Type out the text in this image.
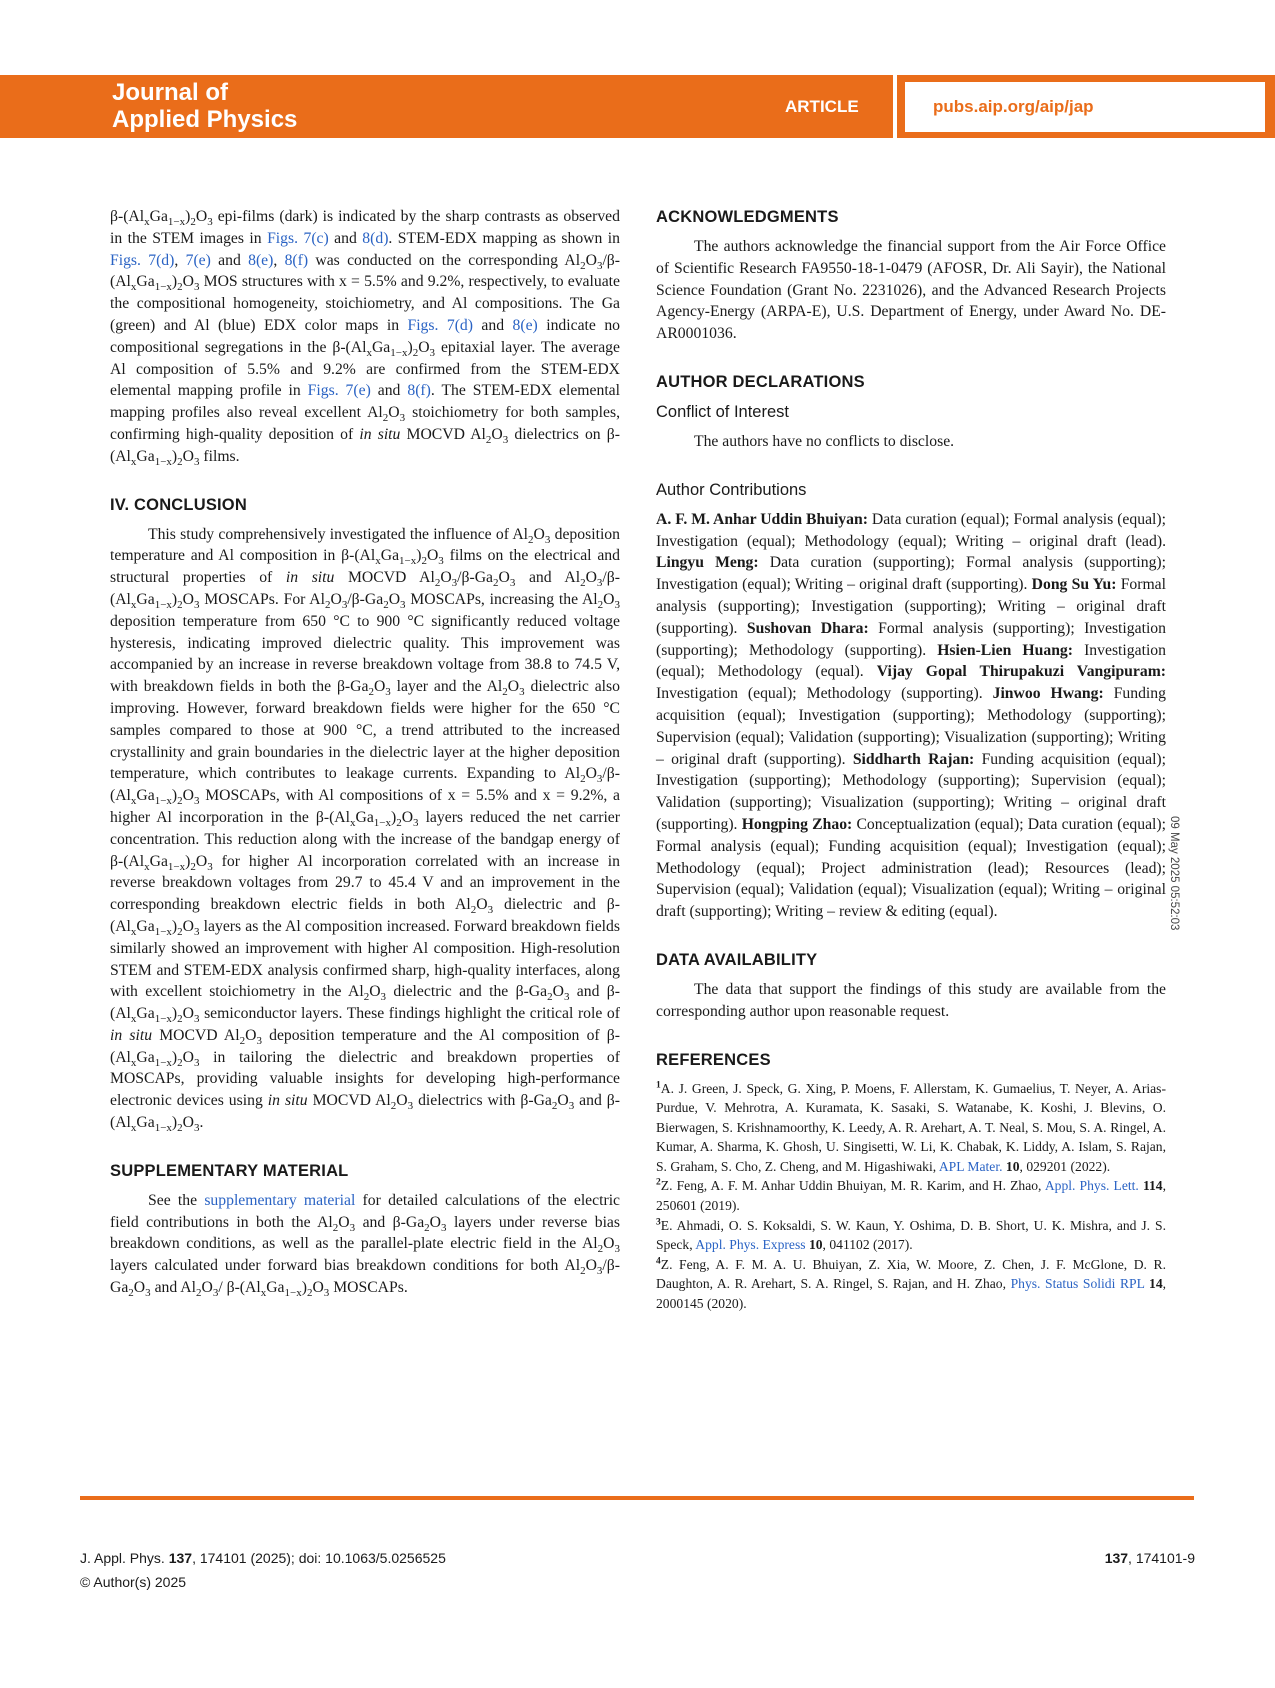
Journal of
Applied Physics	ARTICLE	pubs.aip.org/aip/jap

$\beta-(Al_xGa_{1-x})_2O_3$ epi-films (dark) is indicated by the sharp contrasts as observed in the STEM images in Figs. 7(c) and 8(d). STEM-EDX mapping as shown in Figs. 7(d), 7(e) and 8(e), 8(f) was conducted on the corresponding $Al_2O_3/\beta-(Al_xGa_{1-x})_2O_3$ MOS structures with x = 5.5% and 9.2%, respectively, to evaluate the compositional homogeneity, stoichiometry, and Al compositions. The Ga (green) and Al (blue) EDX color maps in Figs. 7(d) and 8(e) indicate no compositional segregations in the $\beta-(Al_xGa_{1-x})_2O_3$ epitaxial layer. The average Al composition of 5.5% and 9.2% are confirmed from the STEM-EDX elemental mapping profile in Figs. 7(e) and 8(f). The STEM-EDX elemental mapping profiles also reveal excellent $Al_2O_3$ stoichiometry for both samples, confirming high-quality deposition of in situ MOCVD $Al_2O_3$ dielectrics on $\beta-(Al_xGa_{1-x})_2O_3$ films.

IV. CONCLUSION

This study comprehensively investigated the influence of $Al_2O_3$ deposition temperature and Al composition in $\beta-(Al_xGa_{1-x})_2O_3$ films on the electrical and structural properties of in situ MOCVD $Al_2O_3/\beta-Ga_2O_3$ and $Al_2O_3/\beta-(Al_xGa_{1-x})_2O_3$ MOSCAPs. For $Al_2O_3/\beta-Ga_2O_3$ MOSCAPs, increasing the $Al_2O_3$ deposition temperature from 650 °C to 900 °C significantly reduced voltage hysteresis, indicating improved dielectric quality. This improvement was accompanied by an increase in reverse breakdown voltage from 38.8 to 74.5 V, with breakdown fields in both the $\beta-Ga_2O_3$ layer and the $Al_2O_3$ dielectric also improving. However, forward breakdown fields were higher for the 650 °C samples compared to those at 900 °C, a trend attributed to the increased crystallinity and grain boundaries in the dielectric layer at the higher deposition temperature, which contributes to leakage currents. Expanding to $Al_2O_3/\beta-(Al_xGa_{1-x})_2O_3$ MOSCAPs, with Al compositions of x = 5.5% and x = 9.2%, a higher Al incorporation in the $\beta-(Al_xGa_{1-x})_2O_3$ layers reduced the net carrier concentration. This reduction along with the increase of the bandgap energy of $\beta-(Al_xGa_{1-x})_2O_3$ for higher Al incorporation correlated with an increase in reverse breakdown voltages from 29.7 to 45.4 V and an improvement in the corresponding breakdown electric fields in both $Al_2O_3$ dielectric and $\beta-(Al_xGa_{1-x})_2O_3$ layers as the Al composition increased. Forward breakdown fields similarly showed an improvement with higher Al composition. High-resolution STEM and STEM-EDX analysis confirmed sharp, high-quality interfaces, along with excellent stoichiometry in the $Al_2O_3$ dielectric and the $\beta-Ga_2O_3$ and $\beta-(Al_xGa_{1-x})_2O_3$ semiconductor layers. These findings highlight the critical role of in situ MOCVD $Al_2O_3$ deposition temperature and the Al composition of $\beta-(Al_xGa_{1-x})_2O_3$ in tailoring the dielectric and breakdown properties of MOSCAPs, providing valuable insights for developing high-performance electronic devices using in situ MOCVD $Al_2O_3$ dielectrics with $\beta-Ga_2O_3$ and $\beta-(Al_xGa_{1-x})_2O_3$.

SUPPLEMENTARY MATERIAL

See the supplementary material for detailed calculations of the electric field contributions in both the $Al_2O_3$ and $\beta-Ga_2O_3$ layers under reverse bias breakdown conditions, as well as the parallel-plate electric field in the $Al_2O_3$ layers calculated under forward bias breakdown conditions for both $Al_2O_3/\beta-Ga_2O_3$ and $Al_2O_3/$ $\beta-(Al_xGa_{1-x})_2O_3$ MOSCAPs.

ACKNOWLEDGMENTS

The authors acknowledge the financial support from the Air Force Office of Scientific Research FA9550-18-1-0479 (AFOSR, Dr. Ali Sayir), the National Science Foundation (Grant No. 2231026), and the Advanced Research Projects Agency-Energy (ARPA-E), U.S. Department of Energy, under Award No. DE-AR0001036.

AUTHOR DECLARATIONS
Conflict of Interest

The authors have no conflicts to disclose.

Author Contributions

A. F. M. Anhar Uddin Bhuiyan: Data curation (equal); Formal analysis (equal); Investigation (equal); Methodology (equal); Writing – original draft (lead). Lingyu Meng: Data curation (supporting); Formal analysis (supporting); Investigation (equal); Writing – original draft (supporting). Dong Su Yu: Formal analysis (supporting); Investigation (supporting); Writing – original draft (supporting). Sushovan Dhara: Formal analysis (supporting); Investigation (supporting); Methodology (supporting). Hsien-Lien Huang: Investigation (equal); Methodology (equal). Vijay Gopal Thirupakuzi Vangipuram: Investigation (equal); Methodology (supporting). Jinwoo Hwang: Funding acquisition (equal); Investigation (supporting); Methodology (supporting); Supervision (equal); Validation (supporting); Visualization (supporting); Writing – original draft (supporting). Siddharth Rajan: Funding acquisition (equal); Investigation (supporting); Methodology (supporting); Supervision (equal); Validation (supporting); Visualization (supporting); Writing – original draft (supporting). Hongping Zhao: Conceptualization (equal); Data curation (equal); Formal analysis (equal); Funding acquisition (equal); Investigation (equal); Methodology (equal); Project administration (lead); Resources (lead); Supervision (equal); Validation (equal); Visualization (equal); Writing – original draft (supporting); Writing – review & editing (equal).

DATA AVAILABILITY

The data that support the findings of this study are available from the corresponding author upon reasonable request.

REFERENCES

$^1$A. J. Green, J. Speck, G. Xing, P. Moens, F. Allerstam, K. Gumaelius, T. Neyer, A. Arias-Purdue, V. Mehrotra, A. Kuramata, K. Sasaki, S. Watanabe, K. Koshi, J. Blevins, O. Bierwagen, S. Krishnamoorthy, K. Leedy, A. R. Arehart, A. T. Neal, S. Mou, S. A. Ringel, A. Kumar, A. Sharma, K. Ghosh, U. Singisetti, W. Li, K. Chabak, K. Liddy, A. Islam, S. Rajan, S. Graham, S. Cho, Z. Cheng, and M. Higashiwaki, APL Mater. 10, 029201 (2022).

$^2$Z. Feng, A. F. M. Anhar Uddin Bhuiyan, M. R. Karim, and H. Zhao, Appl. Phys. Lett. 114, 250601 (2019).

$^3$E. Ahmadi, O. S. Koksaldi, S. W. Kaun, Y. Oshima, D. B. Short, U. K. Mishra, and J. S. Speck, Appl. Phys. Express 10, 041102 (2017).

$^4$Z. Feng, A. F. M. A. U. Bhuiyan, Z. Xia, W. Moore, Z. Chen, J. F. McGlone, D. R. Daughton, A. R. Arehart, S. A. Ringel, S. Rajan, and H. Zhao, Phys. Status Solidi RPL 14, 2000145 (2020).

09 May 2025 05:52:03
J. Appl. Phys. 137, 174101 (2025); doi: 10.1063/5.0256525
© Author(s) 2025
137, 174101-9
